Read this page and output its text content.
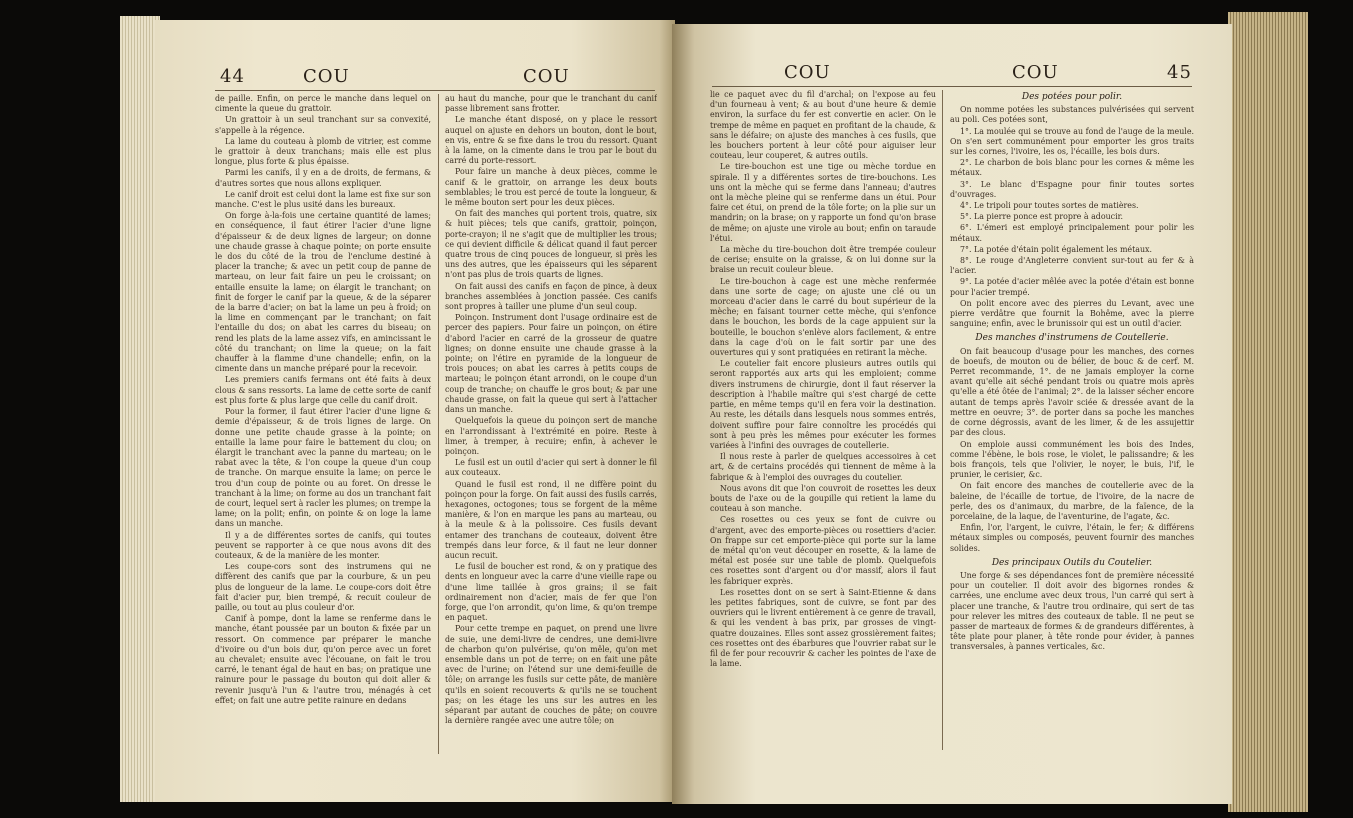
44	COU	COU

de paille. Enfin, on perce le manche dans lequel on cimente la queue du grattoir.

Un grattoir à un seul tranchant sur sa convexité, s'appelle à la régence.

La lame du couteau à plomb de vitrier, est comme le grattoir à deux tranchans; mais elle est plus longue, plus forte & plus épaisse.

Parmi les canifs, il y en a de droits, de fermans, & d'autres sortes que nous allons expliquer.

Le canif droit est celui dont la lame est fixe sur son manche. C'est le plus usité dans les bureaux.

On forge à-la-fois une certaine quantité de lames; en conséquence, il faut étirer l'acier d'une ligne d'épaisseur & de deux lignes de largeur; on donne une chaude grasse à chaque pointe; on porte ensuite le dos du côté de la trou de l'enclume destiné à placer la tranche; & avec un petit coup de panne de marteau, on leur fait faire un peu le croissant; on entaille ensuite la lame; on élargit le tranchant; on finit de forger le canif par la queue, & de la séparer de la barre d'acier; on bat la lame un peu à froid; on la lime en commençant par le tranchant; on fait l'entaille du dos; on abat les carres du biseau; on rend les plats de la lame assez vifs, en amincissant le côté du tranchant; on lime la queue; on la fait chauffer à la flamme d'une chandelle; enfin, on la cimente dans un manche préparé pour la recevoir.

Les premiers canifs fermans ont été faits à deux clous & sans ressorts. La lame de cette sorte de canif est plus forte & plus large que celle du canif droit.

Pour la former, il faut étirer l'acier d'une ligne & demie d'épaisseur, & de trois lignes de large. On donne une petite chaude grasse à la pointe; on entaille la lame pour faire le battement du clou; on élargit le tranchant avec la panne du marteau; on le rabat avec la tête, & l'on coupe la queue d'un coup de tranche. On marque ensuite la lame; on perce le trou d'un coup de pointe ou au foret. On dresse le tranchant à la lime; on forme au dos un tranchant fait de court, lequel sert à racler les plumes; on trempe la lame; on la polit; enfin, on pointe & on loge la lame dans un manche.

Il y a de différentes sortes de canifs, qui toutes peuvent se rapporter à ce que nous avons dit des couteaux, & de la manière de les monter.

Les coupe-cors sont des instrumens qui ne diffèrent des canifs que par la courbure, & un peu plus de longueur de la lame. Le coupe-cors doit être fait d'acier pur, bien trempé, & recuit couleur de paille, ou tout au plus couleur d'or.

Canif à pompe, dont la lame se renferme dans le manche, étant poussée par un bouton & fixée par un ressort. On commence par préparer le manche d'ivoire ou d'un bois dur, qu'on perce avec un foret au chevalet; ensuite avec l'écouane, on fait le trou carré, le tenant égal de haut en bas; on pratique une rainure pour le passage du bouton qui doit aller & revenir jusqu'à l'un & l'autre trou, ménagés à cet effet; on fait une autre petite rainure en dedans

au haut du manche, pour que le tranchant du canif passe librement sans frotter.

Le manche étant disposé, on y place le ressort auquel on ajuste en dehors un bouton, dont le bout, en vis, entre & se fixe dans le trou du ressort. Quant à la lame, on la cimente dans le trou par le bout du carré du porte-ressort.

Pour faire un manche à deux pièces, comme le canif & le grattoir, on arrange les deux bouts semblables; le trou est percé de toute la longueur, & le même bouton sert pour les deux pièces.

On fait des manches qui portent trois, quatre, six & huit pièces; tels que canifs, grattoir, poinçon, porte-crayon; il ne s'agit que de multiplier les trous; ce qui devient difficile & délicat quand il faut percer quatre trous de cinq pouces de longueur, si près les uns des autres, que les épaisseurs qui les séparent n'ont pas plus de trois quarts de lignes.

On fait aussi des canifs en façon de pince, à deux branches assemblées à jonction passée. Ces canifs sont propres à tailler une plume d'un seul coup.

Poinçon. Instrument dont l'usage ordinaire est de percer des papiers. Pour faire un poinçon, on étire d'abord l'acier en carré de la grosseur de quatre lignes; on donne ensuite une chaude grasse à la pointe; on l'étire en pyramide de la longueur de trois pouces; on abat les carres à petits coups de marteau; le poinçon étant arrondi, on le coupe d'un coup de tranche; on chauffe le gros bout; & par une chaude grasse, on fait la queue qui sert à l'attacher dans un manche.

Quelquefois la queue du poinçon sert de manche en l'arrondissant à l'extrémité en poire. Reste à limer, à tremper, à recuire; enfin, à achever le poinçon.

Le fusil est un outil d'acier qui sert à donner le fil aux couteaux.

Quand le fusil est rond, il ne diffère point du poinçon pour la forge. On fait aussi des fusils carrés, hexagones, octogones; tous se forgent de la même manière, & l'on en marque les pans au marteau, ou à la meule & à la polissoire. Ces fusils devant entamer des tranchans de couteaux, doivent être trempés dans leur force, & il faut ne leur donner aucun recuit.

Le fusil de boucher est rond, & on y pratique des dents en longueur avec la carre d'une vieille rape ou d'une lime taillée à gros grains; il se fait ordinairement non d'acier, mais de fer que l'on forge, que l'on arrondit, qu'on lime, & qu'on trempe en paquet.

Pour cette trempe en paquet, on prend une livre de suie, une demi-livre de cendres, une demi-livre de charbon qu'on pulvérise, qu'on mêle, qu'on met ensemble dans un pot de terre; on en fait une pâte avec de l'urine; on l'étend sur une demi-feuille de tôle; on arrange les fusils sur cette pâte, de manière qu'ils en soient recouverts & qu'ils ne se touchent pas; on les étage les uns sur les autres en les séparant par autant de couches de pâte; on couvre la dernière rangée avec une autre tôle; on

COU	COU	45

lie ce paquet avec du fil d'archal; on l'expose au feu d'un fourneau à vent; & au bout d'une heure & demie environ, la surface du fer est convertie en acier. On le trempe de même en paquet en profitant de la chaude, & sans le défaire; on ajuste des manches à ces fusils, que les bouchers portent à leur côté pour aiguiser leur couteau, leur couperet, & autres outils.

Le tire-bouchon est une tige ou mèche tordue en spirale. Il y a différentes sortes de tire-bouchons. Les uns ont la mèche qui se ferme dans l'anneau; d'autres ont la mèche pleine qui se renferme dans un étui. Pour faire cet étui, on prend de la tôle forte; on la plie sur un mandrin; on la brase; on y rapporte un fond qu'on brase de même; on ajuste une virole au bout; enfin on taraude l'étui.

La mèche du tire-bouchon doit être trempée couleur de cerise; ensuite on la graisse, & on lui donne sur la braise un recuit couleur bleue.

Le tire-bouchon à cage est une mèche renfermée dans une sorte de cage; on ajuste une clé ou un morceau d'acier dans le carré du bout supérieur de la mèche; en faisant tourner cette mèche, qui s'enfonce dans le bouchon, les bords de la cage appuient sur la bouteille, le bouchon s'enlève alors facilement, & entre dans la cage d'où on le fait sortir par une des ouvertures qui y sont pratiquées en retirant la mèche.

Le coutelier fait encore plusieurs autres outils qui seront rapportés aux arts qui les emploient; comme divers instrumens de chirurgie, dont il faut réserver la description à l'habile maître qui s'est chargé de cette partie, en même temps qu'il en fera voir la destination. Au reste, les détails dans lesquels nous sommes entrés, doivent suffire pour faire connoître les procédés qui sont à peu près les mêmes pour exécuter les formes variées à l'infini des ouvrages de coutellerie.

Il nous reste à parler de quelques accessoires à cet art, & de certains procédés qui tiennent de même à la fabrique & à l'emploi des ouvrages du coutelier.

Nous avons dit que l'on couvroit de rosettes les deux bouts de l'axe ou de la goupille qui retient la lame du couteau à son manche.

Ces rosettes ou ces yeux se font de cuivre ou d'argent, avec des emporte-pièces ou rosettiers d'acier. On frappe sur cet emporte-pièce qui porte sur la lame de métal qu'on veut découper en rosette, & la lame de métal est posée sur une table de plomb. Quelquefois ces rosettes sont d'argent ou d'or massif, alors il faut les fabriquer exprès.

Les rosettes dont on se sert à Saint-Etienne & dans les petites fabriques, sont de cuivre, se font par des ouvriers qui le livrent entièrement à ce genre de travail, & qui les vendent à bas prix, par grosses de vingt-quatre douzaines. Elles sont assez grossièrement faites; ces rosettes ont des ébarbures que l'ouvrier rabat sur le fil de fer pour recouvrir & cacher les pointes de l'axe de la lame.

Des potées pour polir.

On nomme potées les substances pulvérisées qui servent au poli. Ces potées sont,

1°. La moulée qui se trouve au fond de l'auge de la meule. On s'en sert communément pour emporter les gros traits sur les cornes, l'ivoire, les os, l'écaille, les bois durs.

2°. Le charbon de bois blanc pour les cornes & même les métaux.

3°. Le blanc d'Espagne pour finir toutes sortes d'ouvrages.

4°. Le tripoli pour toutes sortes de matières.

5°. La pierre ponce est propre à adoucir.

6°. L'émeri est employé principalement pour polir les métaux.

7°. La potée d'étain polit également les métaux.

8°. Le rouge d'Angleterre convient sur-tout au fer & à l'acier.

9°. La potée d'acier mêlée avec la potée d'étain est bonne pour l'acier trempé.

On polit encore avec des pierres du Levant, avec une pierre verdâtre que fournit la Bohême, avec la pierre sanguine; enfin, avec le brunissoir qui est un outil d'acier.

Des manches d'instrumens de Coutellerie.

On fait beaucoup d'usage pour les manches, des cornes de boeufs, de mouton ou de bélier, de bouc & de cerf. M. Perret recommande, 1°. de ne jamais employer la corne avant qu'elle ait séché pendant trois ou quatre mois après qu'elle a été ôtée de l'animal; 2°. de la laisser sécher encore autant de temps après l'avoir sciée & dressée avant de la mettre en oeuvre; 3°. de porter dans sa poche les manches de corne dégrossis, avant de les limer, & de les assujettir par des clous.

On emploie aussi communément les bois des Indes, comme l'ébène, le bois rose, le violet, le palissandre; & les bois françois, tels que l'olivier, le noyer, le buis, l'if, le prunier, le cerisier, &c.

On fait encore des manches de coutellerie avec de la baleine, de l'écaille de tortue, de l'ivoire, de la nacre de perle, des os d'animaux, du marbre, de la faïence, de la porcelaine, de la laque, de l'aventurine, de l'agate, &c.

Enfin, l'or, l'argent, le cuivre, l'étain, le fer; & différens métaux simples ou composés, peuvent fournir des manches solides.

Des principaux Outils du Coutelier.

Une forge & ses dépendances font de première nécessité pour un coutelier. Il doit avoir des bigornes rondes & carrées, une enclume avec deux trous, l'un carré qui sert à placer une tranche, & l'autre trou ordinaire, qui sert de tas pour relever les mitres des couteaux de table. Il ne peut se passer de marteaux de formes & de grandeurs différentes, à tête plate pour planer, à tête ronde pour évider, à pannes transversales, à pannes verticales, &c.
